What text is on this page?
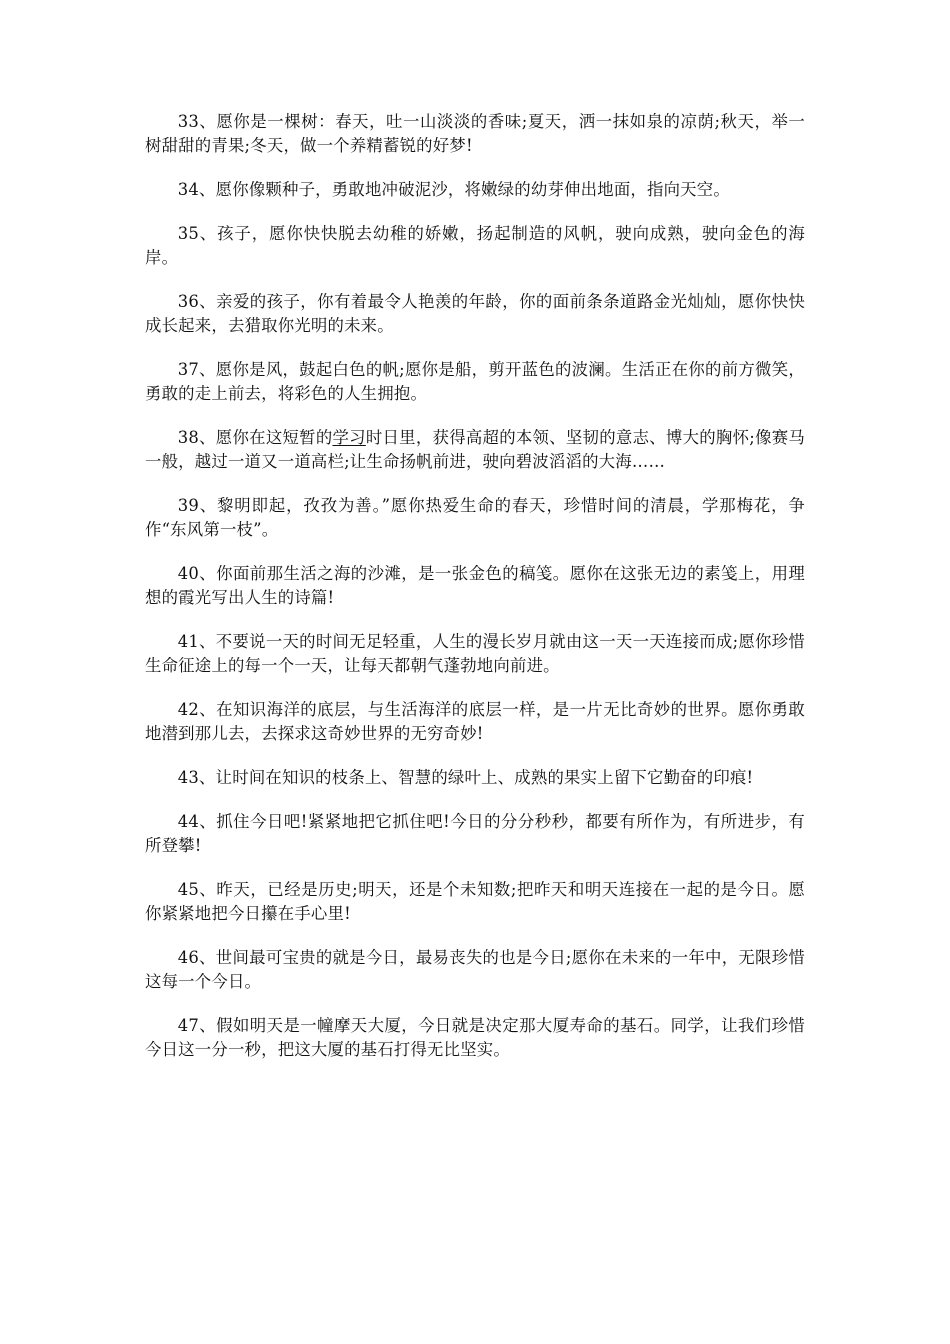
33、愿你是一棵树：春天，吐一山淡淡的香味;夏天，洒一抹如泉的凉荫;秋天，举一树甜甜的青果;冬天，做一个养精蓄锐的好梦!

34、愿你像颗种子，勇敢地冲破泥沙，将嫩绿的幼芽伸出地面，指向天空。

35、孩子，愿你快快脱去幼稚的娇嫩，扬起制造的风帆，驶向成熟，驶向金色的海岸。

36、亲爱的孩子，你有着最令人艳羡的年龄，你的面前条条道路金光灿灿，愿你快快成长起来，去猎取你光明的未来。

37、愿你是风，鼓起白色的帆;愿你是船，剪开蓝色的波澜。生活正在你的前方微笑，勇敢的走上前去，将彩色的人生拥抱。

38、愿你在这短暂的学习时日里，获得高超的本领、坚韧的意志、博大的胸怀;像赛马一般，越过一道又一道高栏;让生命扬帆前进，驶向碧波滔滔的大海……

39、黎明即起，孜孜为善。”愿你热爱生命的春天，珍惜时间的清晨，学那梅花，争作“东风第一枝”。

40、你面前那生活之海的沙滩，是一张金色的稿笺。愿你在这张无边的素笺上，用理想的霞光写出人生的诗篇!

41、不要说一天的时间无足轻重，人生的漫长岁月就由这一天一天连接而成;愿你珍惜生命征途上的每一个一天，让每天都朝气蓬勃地向前进。

42、在知识海洋的底层，与生活海洋的底层一样，是一片无比奇妙的世界。愿你勇敢地潜到那儿去，去探求这奇妙世界的无穷奇妙!

43、让时间在知识的枝条上、智慧的绿叶上、成熟的果实上留下它勤奋的印痕!

44、抓住今日吧!紧紧地把它抓住吧!今日的分分秒秒，都要有所作为，有所进步，有所登攀!

45、昨天，已经是历史;明天，还是个未知数;把昨天和明天连接在一起的是今日。愿你紧紧地把今日攥在手心里!

46、世间最可宝贵的就是今日，最易丧失的也是今日;愿你在未来的一年中，无限珍惜这每一个今日。

47、假如明天是一幢摩天大厦，今日就是决定那大厦寿命的基石。同学，让我们珍惜今日这一分一秒，把这大厦的基石打得无比坚实。
